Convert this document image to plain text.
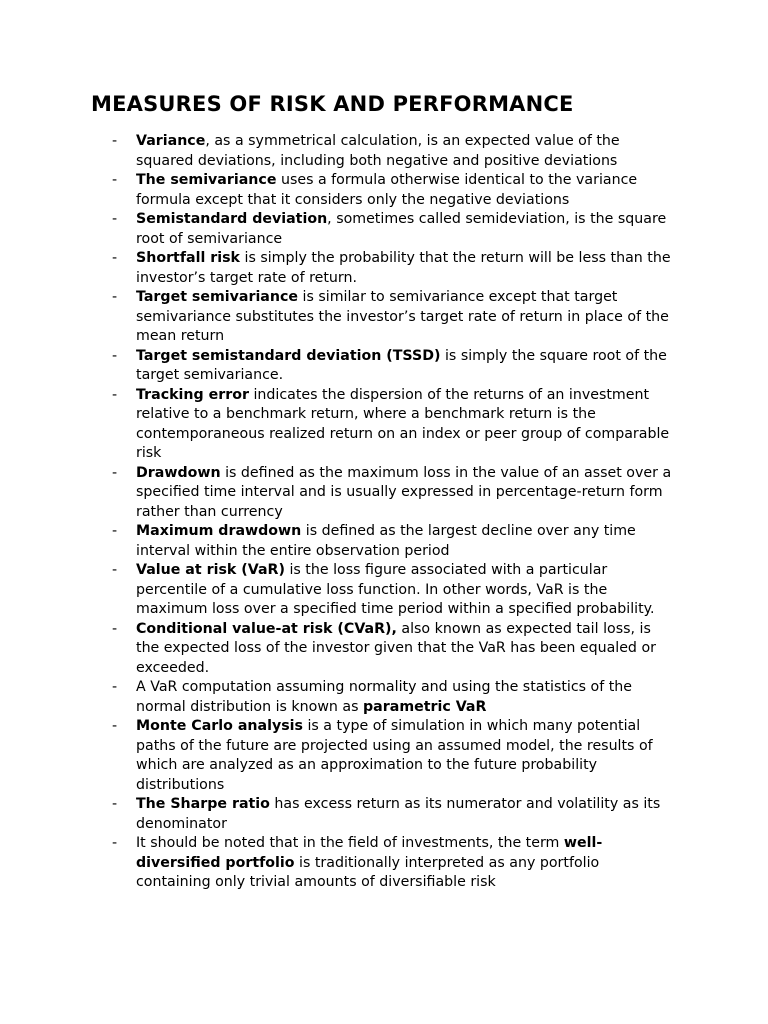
MEASURES OF RISK AND PERFORMANCE
- Variance, as a symmetrical calculation, is an expected value of the squared deviations, including both negative and positive deviations
- The semivariance uses a formula otherwise identical to the variance formula except that it considers only the negative deviations
- Semistandard deviation, sometimes called semideviation, is the square root of semivariance
- Shortfall risk is simply the probability that the return will be less than the investor’s target rate of return.
- Target semivariance is similar to semivariance except that target semivariance substitutes the investor’s target rate of return in place of the mean return
- Target semistandard deviation (TSSD) is simply the square root of the target semivariance.
- Tracking error indicates the dispersion of the returns of an investment relative to a benchmark return, where a benchmark return is the contemporaneous realized return on an index or peer group of comparable risk
- Drawdown is defined as the maximum loss in the value of an asset over a specified time interval and is usually expressed in percentage-return form rather than currency
- Maximum drawdown is defined as the largest decline over any time interval within the entire observation period
- Value at risk (VaR) is the loss figure associated with a particular percentile of a cumulative loss function. In other words, VaR is the maximum loss over a specified time period within a specified probability.
- Conditional value-at risk (CVaR), also known as expected tail loss, is the expected loss of the investor given that the VaR has been equaled or exceeded.
- A VaR computation assuming normality and using the statistics of the normal distribution is known as parametric VaR
- Monte Carlo analysis is a type of simulation in which many potential paths of the future are projected using an assumed model, the results of which are analyzed as an approximation to the future probability distributions
- The Sharpe ratio has excess return as its numerator and volatility as its denominator
- It should be noted that in the field of investments, the term well-diversified portfolio is traditionally interpreted as any portfolio containing only trivial amounts of diversifiable risk
